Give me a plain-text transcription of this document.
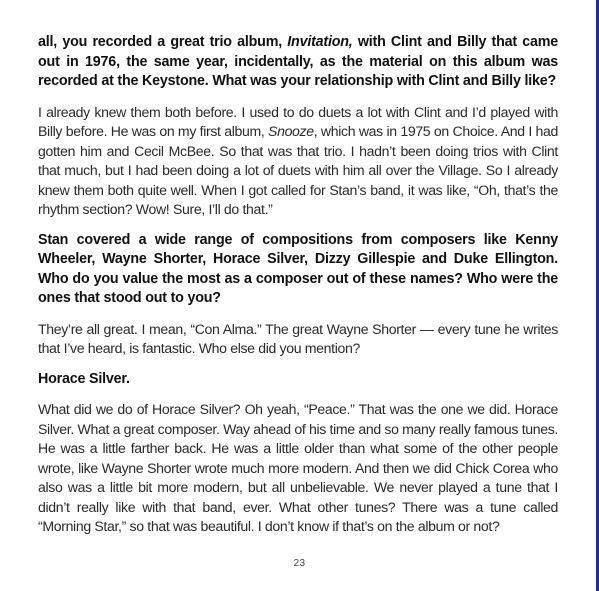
all, you recorded a great trio album, Invitation, with Clint and Billy that came out in 1976, the same year, incidentally, as the material on this album was recorded at the Keystone. What was your relationship with Clint and Billy like?

I already knew them both before. I used to do duets a lot with Clint and I’d played with Billy before. He was on my first album, Snooze, which was in 1975 on Choice. And I had gotten him and Cecil McBee. So that was that trio. I hadn’t been doing trios with Clint that much, but I had been doing a lot of duets with him all over the Village. So I already knew them both quite well. When I got called for Stan’s band, it was like, “Oh, that’s the rhythm section? Wow! Sure, I’ll do that.”

Stan covered a wide range of compositions from composers like Kenny Wheeler, Wayne Shorter, Horace Silver, Dizzy Gillespie and Duke Ellington. Who do you value the most as a composer out of these names? Who were the ones that stood out to you?

They’re all great. I mean, “Con Alma.” The great Wayne Shorter — every tune he writes that I’ve heard, is fantastic. Who else did you mention?

Horace Silver.

What did we do of Horace Silver? Oh yeah, “Peace.” That was the one we did. Horace Silver. What a great composer. Way ahead of his time and so many really famous tunes. He was a little farther back. He was a little older than what some of the other people wrote, like Wayne Shorter wrote much more modern. And then we did Chick Corea who also was a little bit more modern, but all unbelievable. We never played a tune that I didn’t really like with that band, ever. What other tunes? There was a tune called “Morning Star,” so that was beautiful. I don’t know if that’s on the album or not?

23
